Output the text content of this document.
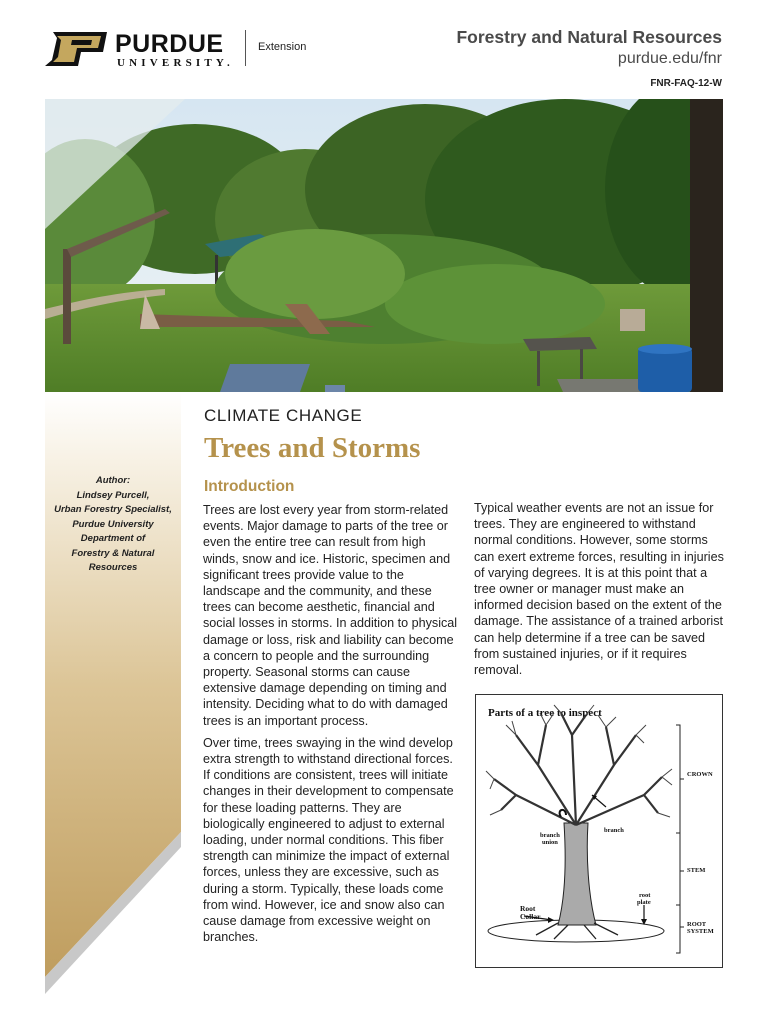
PURDUE
UNIVERSITY.
Extension	Forestry and Natural Resources
purdue.edu/fnr
FNR-FAQ-12-W
Author:
Lindsey Purcell,
Urban Forestry Specialist,
Purdue University
Department of
Forestry & Natural
Resources
CLIMATE CHANGE
Trees and Storms
Introduction

Trees are lost every year from storm-related events. Major damage to parts of the tree or even the entire tree can result from high winds, snow and ice. Historic, specimen and significant trees provide value to the landscape and the community, and these trees can become aesthetic, financial and social losses in storms. In addition to physical damage or loss, risk and liability can become a concern to people and the surrounding property. Seasonal storms can cause extensive damage depending on timing and intensity. Deciding what to do with damaged trees is an important process.

Over time, trees swaying in the wind develop extra strength to withstand directional forces. If conditions are consistent, trees will initiate changes in their development to compensate for these loading patterns. They are biologically engineered to adjust to external loading, under normal conditions. This fiber strength can minimize the impact of external forces, unless they are excessive, such as during a storm. Typically, these loads come from wind. However, ice and snow also can cause damage from excessive weight on branches.

Typical weather events are not an issue for trees. They are engineered to withstand normal conditions. However, some storms can exert extreme forces, resulting in injuries of varying degrees. It is at this point that a tree owner or manager must make an informed decision based on the extent of the damage. The assistance of a trained arborist can help determine if a tree can be saved from sustained injuries, or if it requires removal.

Parts of a tree to inspect
CROWN
STEM
ROOT
SYSTEM
branch
union
branch
Root
Collar
root
plate
